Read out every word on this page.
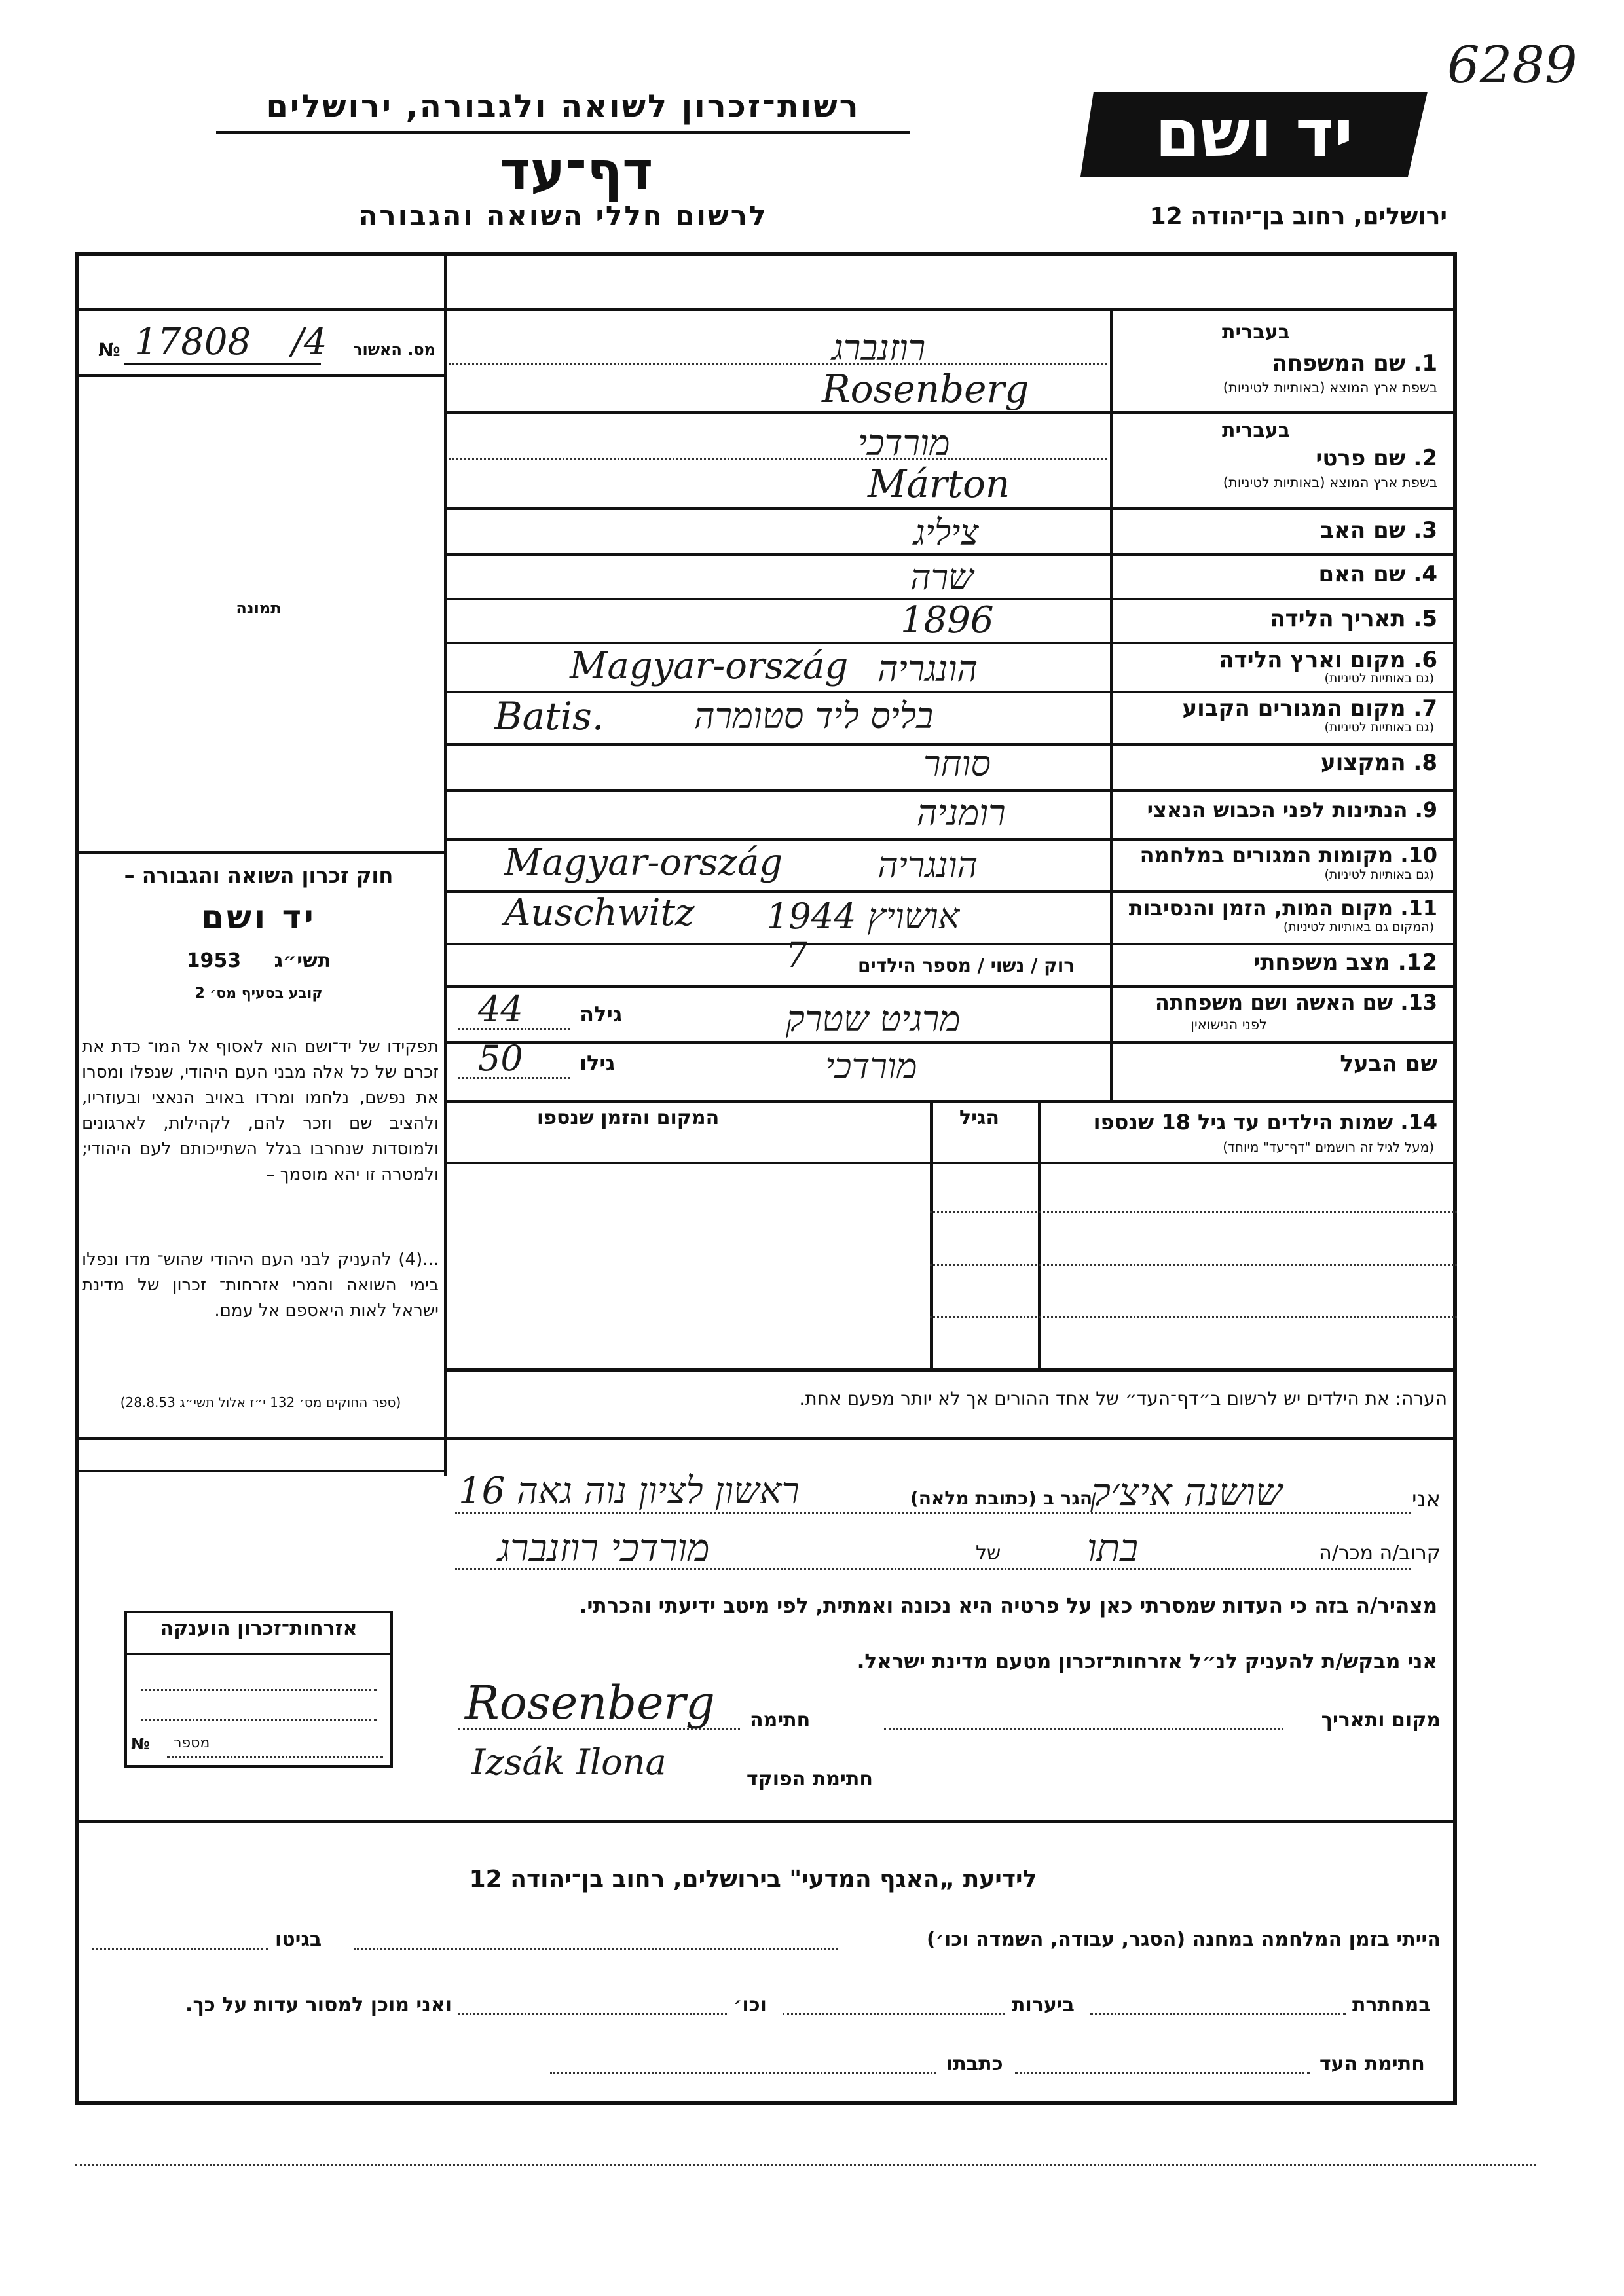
6289
רשות־זכרון לשואה ולגבורה, ירושלים
דף־עד
לרשום חללי השואה והגבורה
יד ושם
ירושלים, רחוב בן־יהודה 12
מס. האשור
№ 17808 /4
תמונה
חוק זכרון השואה והגבורה –
יד ושם
1953 תשי״ג
קובע בסעיף מס׳ 2
תפקידו של יד־ושם הוא לאסוף אל המו־ כדת את זכרם של כל אלה מבני העם היהודי, שנפלו ומסרו את נפשם, נלחמו ומרדו באויב הנאצי ובעוזריו, ולהציב שם וזכר להם, לקהילות, לארגונים ולמוסדות שנחרבו בגלל השתייכותם לעם היהודי; ולמטרה זו יהא מוסמך –
...(4) להעניק לבני העם היהודי שהוש־ מדו ונפלו בימי השואה והמרי אזרחות־ זכרון של מדינת ישראל לאות היאספם אל עמם.
(ספר החוקים מס׳ 132 י״ז אלול תשי״ג 28.8.53)
בעברית
1. שם המשפחה
בשפת ארץ המוצא (באותיות לטיניות)
רוזנברג
Rosenberg
בעברית
2. שם פרטי
בשפת ארץ המוצא (באותיות לטיניות)
מורדכי
Márton
3. שם האב
ציליג
4. שם האם
שרה
5. תאריך הלידה
1896
6. מקום וארץ הלידה
(גם באותיות לטיניות)
Magyar-ország הונגריה
7. מקום המגורים הקבוע
(גם באותיות לטיניות)
Batis.	בליס ליד סטומרה
8. המקצוע
סוחר
9. הנתינות לפני הכבוש הנאצי
רומניה
10. מקומות המגורים במלחמה
(גם באותיות לטיניות)
Magyar-ország	הונגריה
11. מקום המות, הזמן והנסיבות
(המקום גם באותיות לטיניות)
Auschwitz אושויץ 1944
12. מצב משפחתי
רוק / נשוי / מספר הילדים
7
13. שם האשה ושם משפחתה
לפני הנישואין
מרגיט שטרק
גילה
44
שם הבעל
מורדכי
גילו
50
14. שמות הילדים עד גיל 18 שנספו
(מעל לגיל זה רושמים "דף־עד" מיוחד)
הגיל
המקום והזמן שנספו
הערה: את הילדים יש לרשום ב״דף־העד״ של אחד ההורים אך לא יותר מפעם אחת.
אני
שושנה איצ׳ק
הגר ב (כתובת מלאה)
ראשון לציון נוה גאה 16
קרוב/ה מכר/ה
בתו
של
מורדכי רוזנברג
מצהיר/ה בזה כי העדות שמסרתי כאן על פרטיה היא נכונה ואמתית, לפי מיטב ידיעתי והכרתי.
אני מבקש/ת להעניק לנ״ל אזרחות־זכרון מטעם מדינת ישראל.
מקום ותאריך
חתימה
Rosenberg
חתימת הפוקד
Izsák Ilona
אזרחות־זכרון הוענקה
№ מספר
לידיעת „האגף המדעי" בירושלים, רחוב בן־יהודה 12
הייתי בזמן המלחמה במחנה (הסגר, עבודה, השמדה וכו׳)
בגיטו
במחתרת
ביערות
וכו׳
ואני מוכן למסור עדות על כך.
חתימת העד
כתבתו
